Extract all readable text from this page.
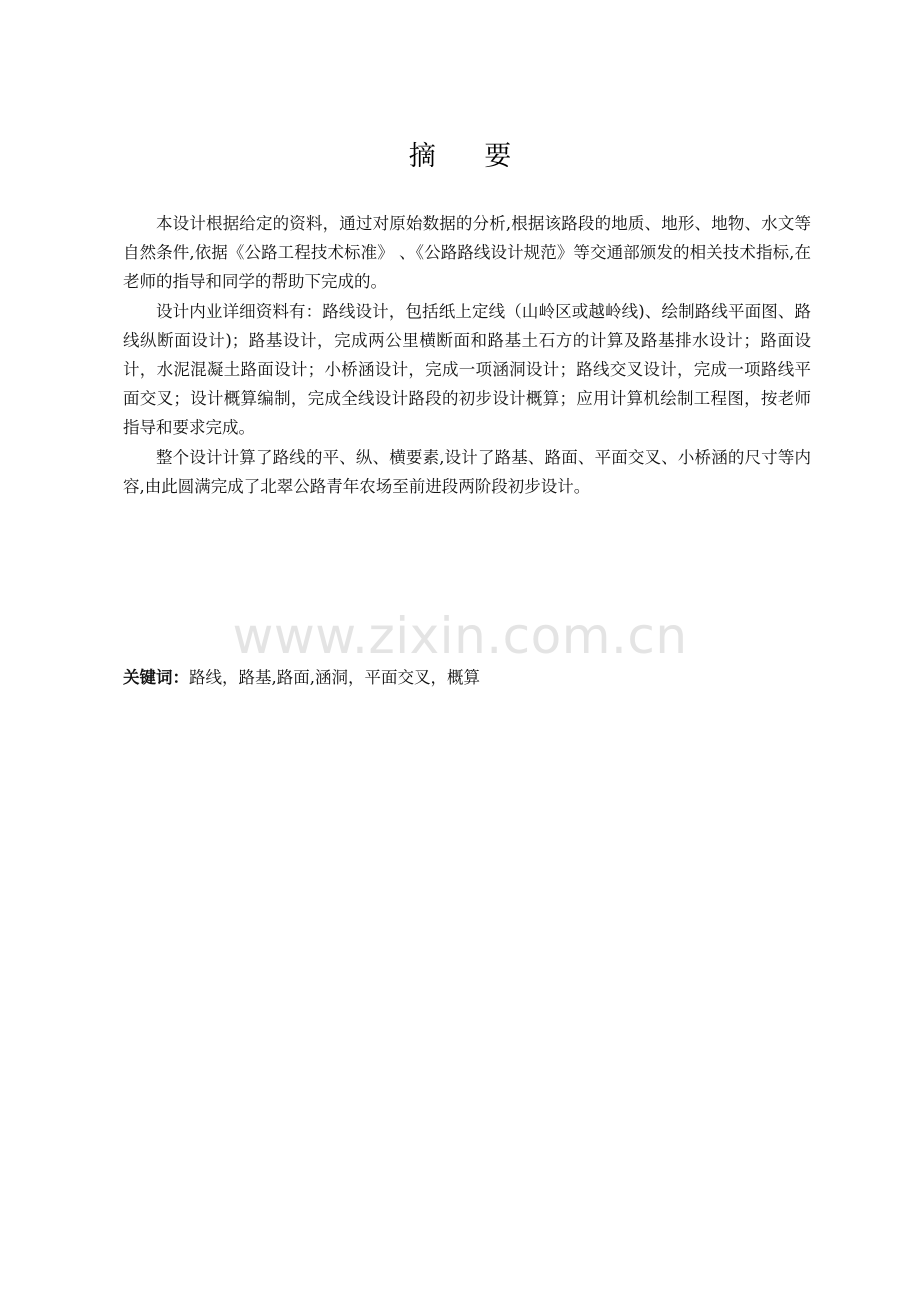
摘 要

本设计根据给定的资料，通过对原始数据的分析,根据该路段的地质、地形、地物、水文等自然条件,依据《公路工程技术标准》 、《公路路线设计规范》等交通部颁发的相关技术指标,在老师的指导和同学的帮助下完成的。

设计内业详细资料有：路线设计，包括纸上定线（山岭区或越岭线)、绘制路线平面图、路线纵断面设计)；路基设计，完成两公里横断面和路基土石方的计算及路基排水设计；路面设计，水泥混凝土路面设计；小桥涵设计，完成一项涵洞设计；路线交叉设计，完成一项路线平面交叉；设计概算编制，完成全线设计路段的初步设计概算；应用计算机绘制工程图，按老师指导和要求完成。

整个设计计算了路线的平、纵、横要素,设计了路基、路面、平面交叉、小桥涵的尺寸等内容,由此圆满完成了北翠公路青年农场至前进段两阶段初步设计。

www.zixin.com.cn
关键词：路线，路基,路面,涵洞，平面交叉，概算
